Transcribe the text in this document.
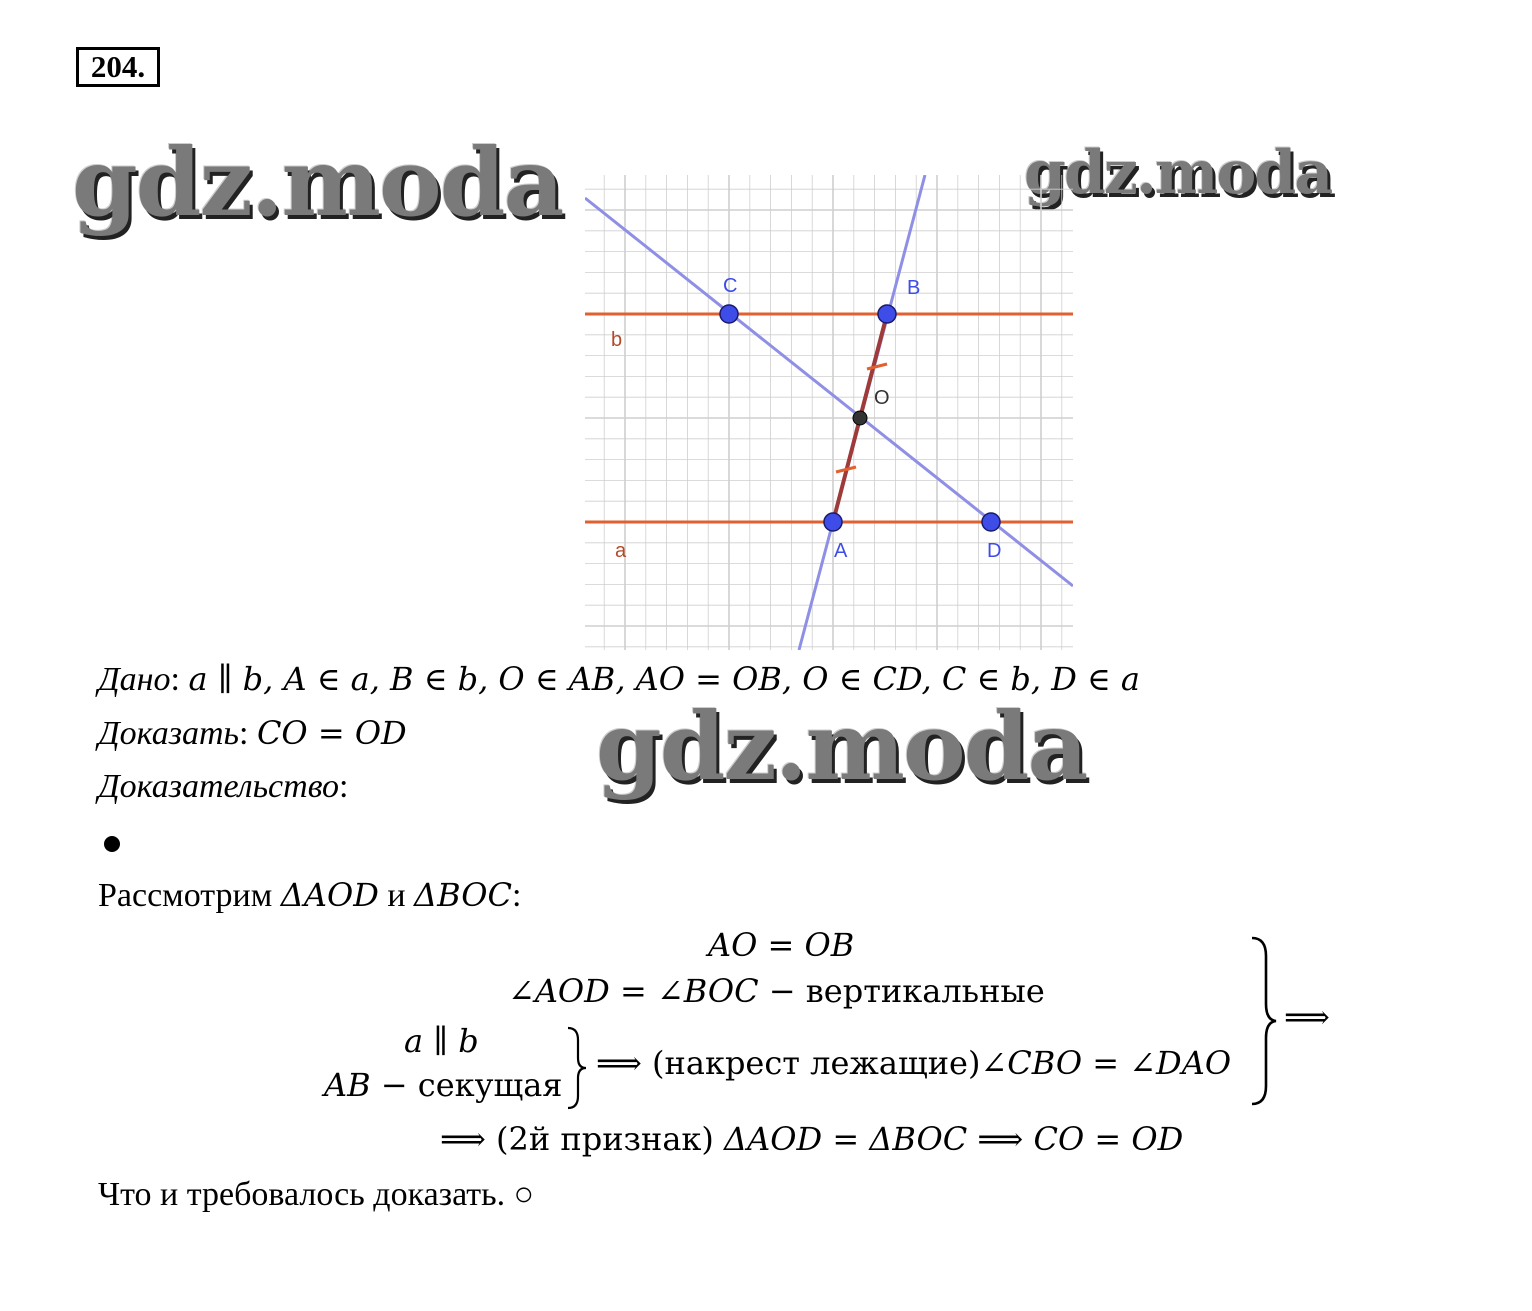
204.
gdz.moda	gdz.moda
C	B
O
A	D
b
a
Дано: a ∥ b, A ∈ a, B ∈ b, O ∈ AB, AO = OB, O ∈ CD, C ∈ b, D ∈ a
Доказать: CO = OD
Доказательство:
Рассмотрим ΔAOD и ΔBOC:
AO = OB
∠AOD = ∠BOC − вертикальные
a ∥ b
AB − секущая
⟹ (накрест лежащие)∠CBO = ∠DAO
⟹ (2й признак) ΔAOD = ΔBOC ⟹ CO = OD
⟹
gdz.moda
Что и требовалось доказать. ○
